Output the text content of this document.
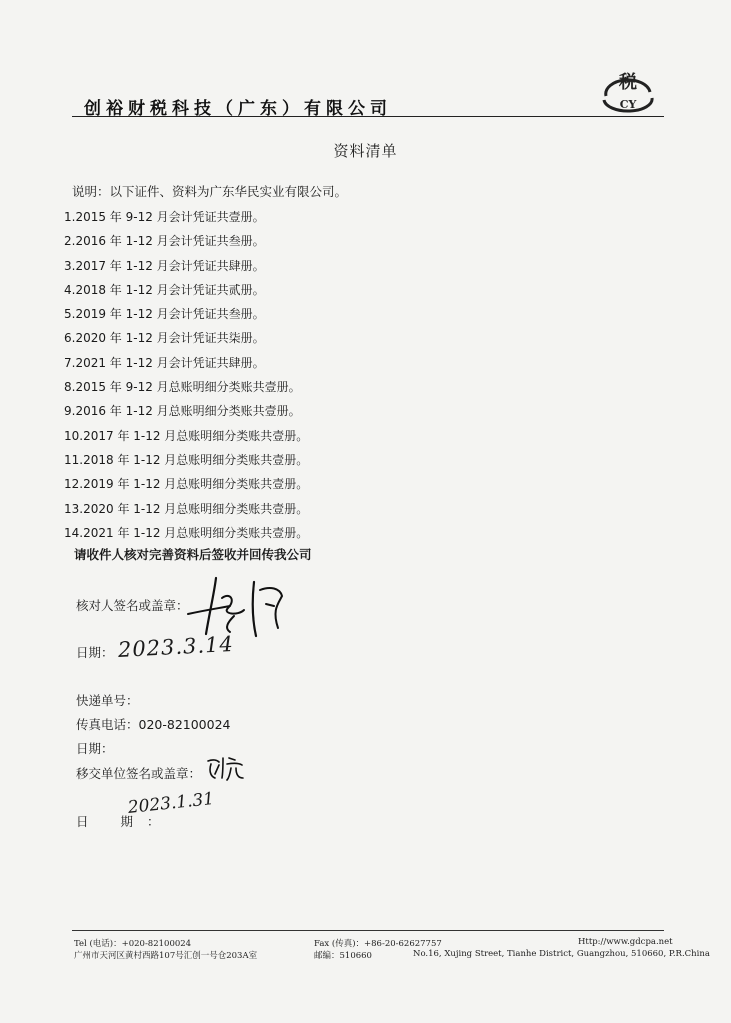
创裕财税科技（广东）有限公司
税
CY
资料清单
说明：以下证件、资料为广东华民实业有限公司。
1.2015 年 9-12 月会计凭证共壹册。
2.2016 年 1-12 月会计凭证共叁册。
3.2017 年 1-12 月会计凭证共肆册。
4.2018 年 1-12 月会计凭证共贰册。
5.2019 年 1-12 月会计凭证共叁册。
6.2020 年 1-12 月会计凭证共柒册。
7.2021 年 1-12 月会计凭证共肆册。
8.2015 年 9-12 月总账明细分类账共壹册。
9.2016 年 1-12 月总账明细分类账共壹册。
10.2017 年 1-12 月总账明细分类账共壹册。
11.2018 年 1-12 月总账明细分类账共壹册。
12.2019 年 1-12 月总账明细分类账共壹册。
13.2020 年 1-12 月总账明细分类账共壹册。
14.2021 年 1-12 月总账明细分类账共壹册。
请收件人核对完善资料后签收并回传我公司
核对人签名或盖章：
日期： 2023.3.14
快递单号：
传真电话：020-82100024
日期：
移交单位签名或盖章：
日 期：
2023.1.31
Tel (电话)：+020-82100024
广州市天河区黄村西路107号汇创一号仓203A室
Fax (传真)：+86-20-62627757
邮编：510660
Http://www.gdcpa.net
No.16, Xujing Street, Tianhe District, Guangzhou, 510660, P.R.China
